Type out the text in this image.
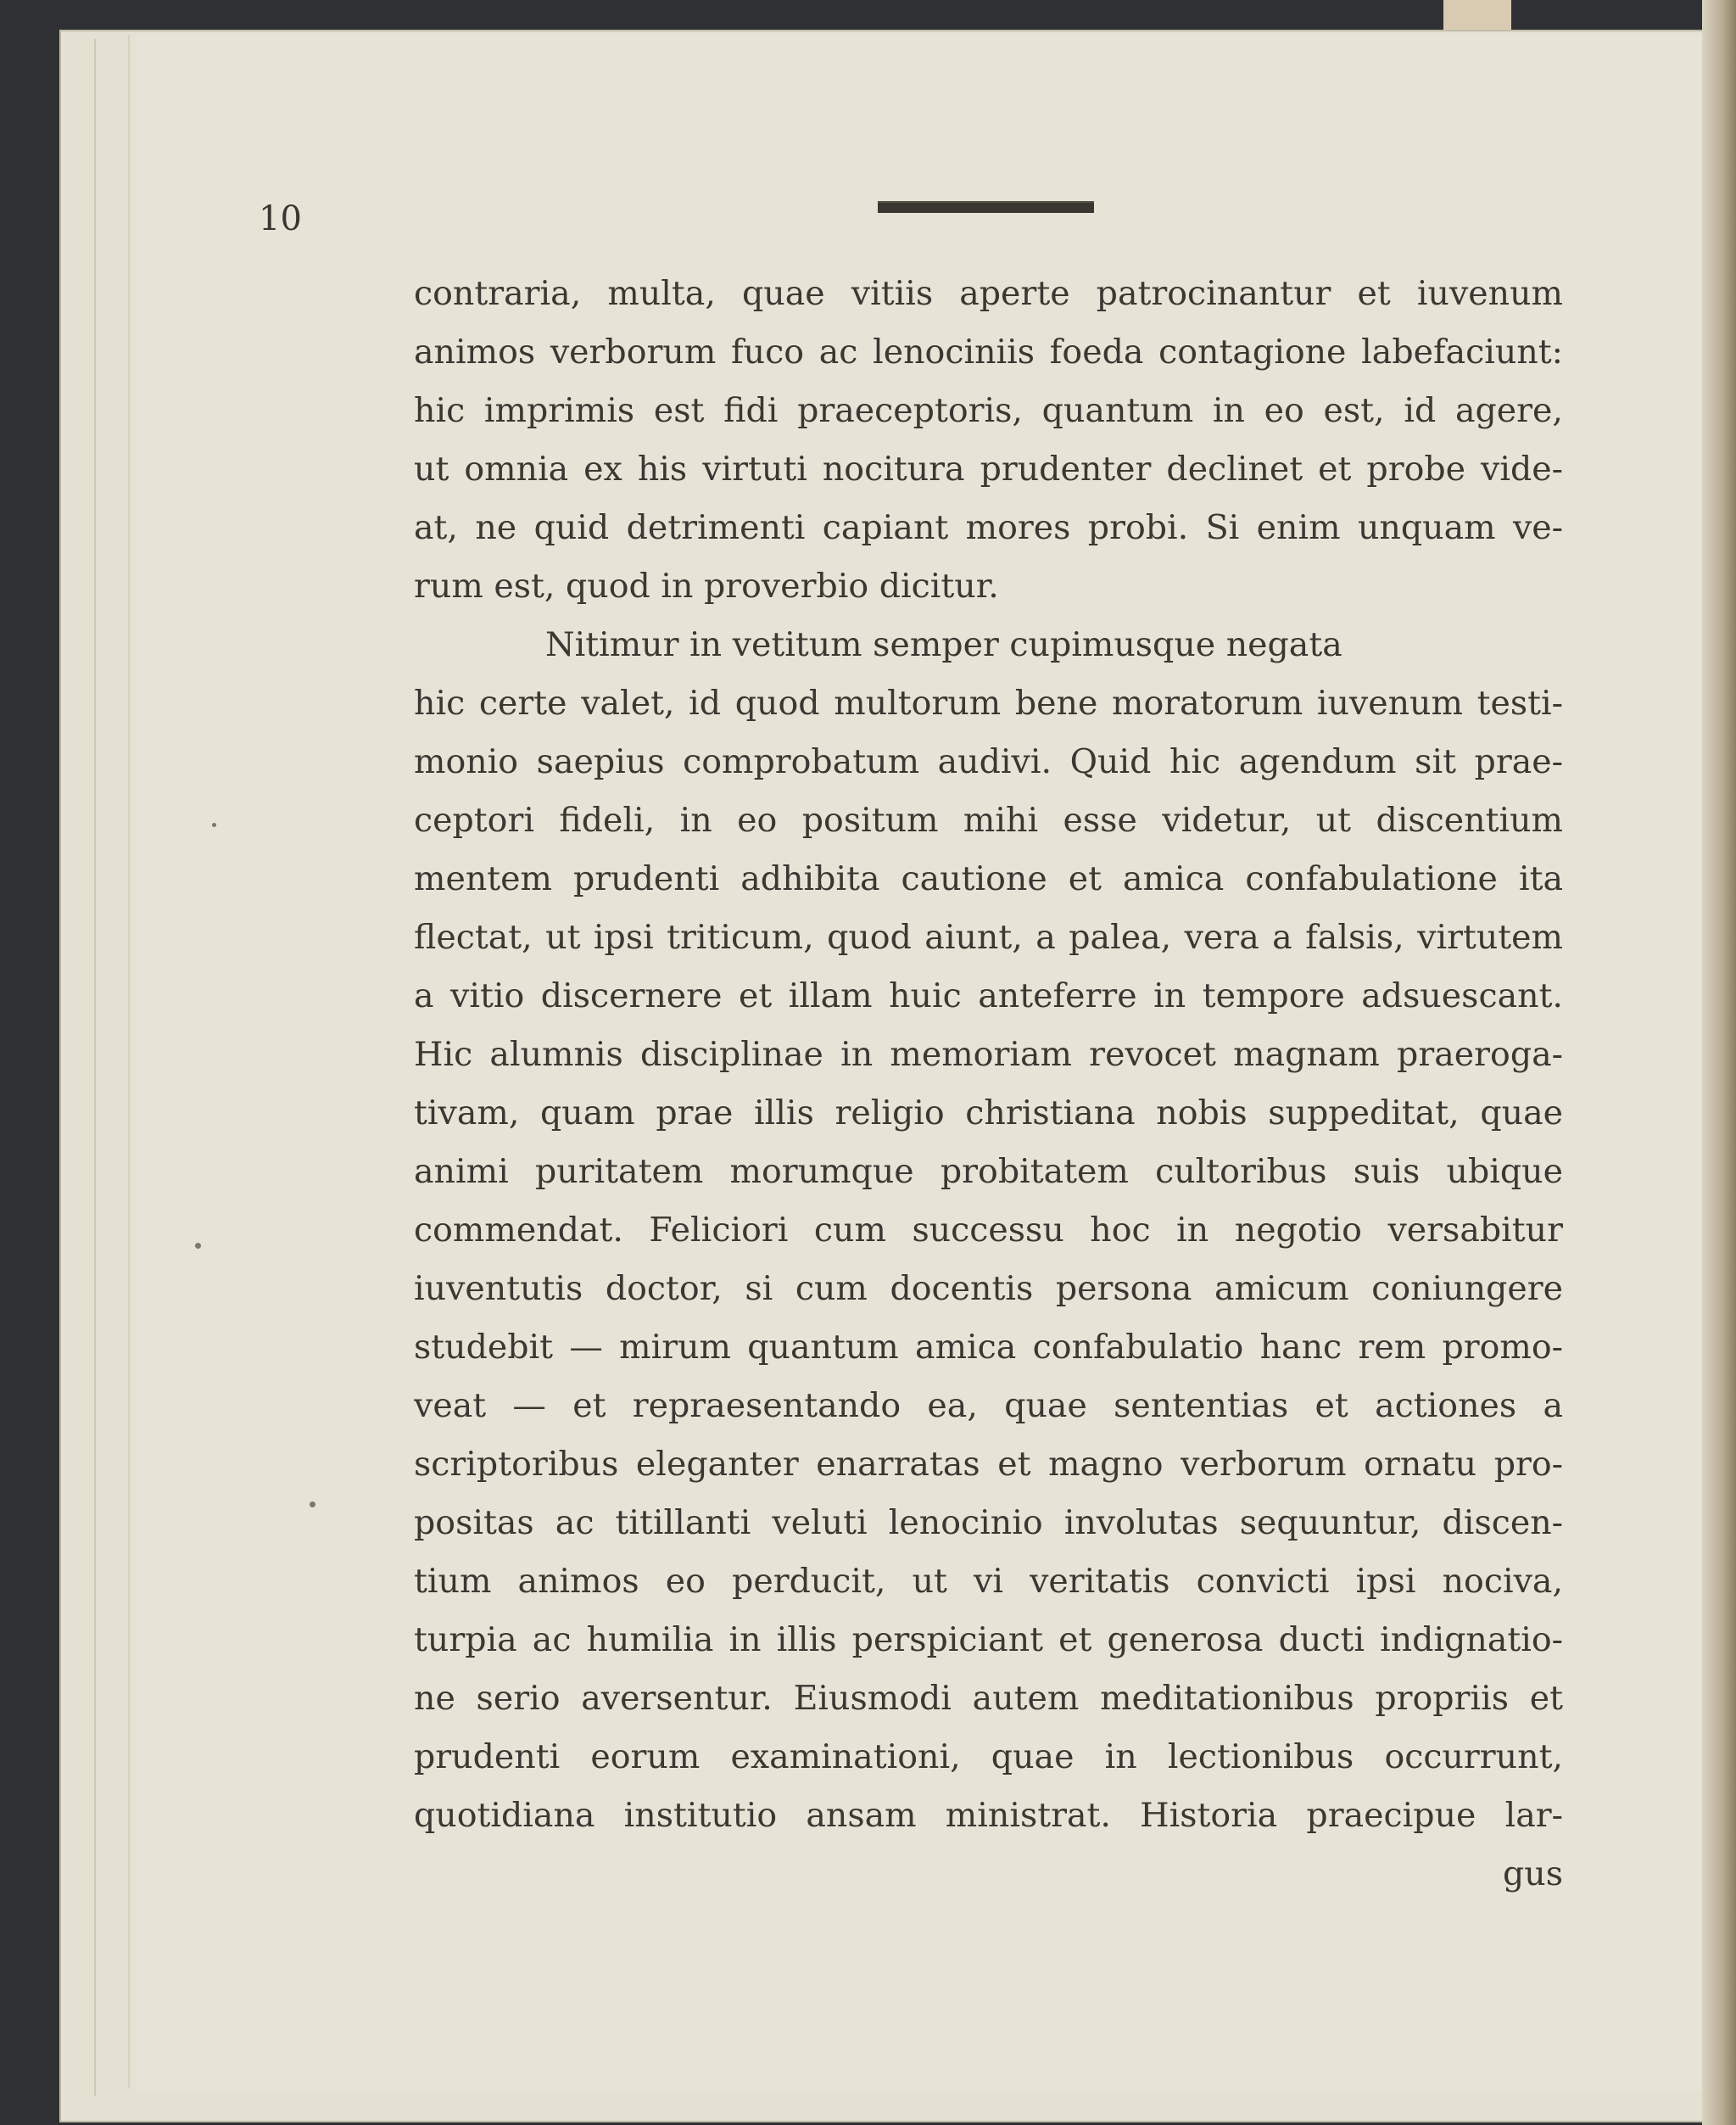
10
contraria, multa, quae vitiis aperte patrocinantur et iuvenum
animos verborum fuco ac lenociniis foeda contagione labefaciunt:
hic imprimis est fidi praeceptoris, quantum in eo est, id agere,
ut omnia ex his virtuti nocitura prudenter declinet et probe vide-
at, ne quid detrimenti capiant mores probi. Si enim unquam ve-
rum est, quod in proverbio dicitur.
Nitimur in vetitum semper cupimusque negata
hic certe valet, id quod multorum bene moratorum iuvenum testi-
monio saepius comprobatum audivi. Quid hic agendum sit prae-
ceptori fideli, in eo positum mihi esse videtur, ut discentium
mentem prudenti adhibita cautione et amica confabulatione ita
flectat, ut ipsi triticum, quod aiunt, a palea, vera a falsis, virtutem
a vitio discernere et illam huic anteferre in tempore adsuescant.
Hic alumnis disciplinae in memoriam revocet magnam praeroga-
tivam, quam prae illis religio christiana nobis suppeditat, quae
animi puritatem morumque probitatem cultoribus suis ubique
commendat. Feliciori cum successu hoc in negotio versabitur
iuventutis doctor, si cum docentis persona amicum coniungere
studebit — mirum quantum amica confabulatio hanc rem promo-
veat — et repraesentando ea, quae sententias et actiones a
scriptoribus eleganter enarratas et magno verborum ornatu pro-
positas ac titillanti veluti lenocinio involutas sequuntur, discen-
tium animos eo perducit, ut vi veritatis convicti ipsi nociva,
turpia ac humilia in illis perspiciant et generosa ducti indignatio-
ne serio aversentur. Eiusmodi autem meditationibus propriis et
prudenti eorum examinationi, quae in lectionibus occurrunt,
quotidiana institutio ansam ministrat. Historia praecipue lar-
gus
